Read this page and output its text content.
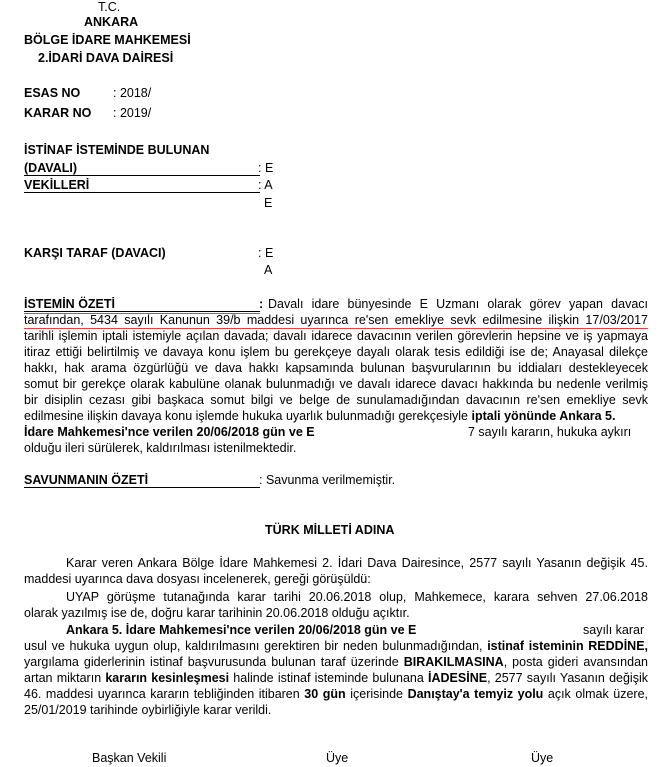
T.C.
ANKARA
BÖLGE İDARE MAHKEMESİ
2.İDARİ DAVA DAİRESİ
ESAS NO	: 2018/
KARAR NO : 2019/
İSTİNAF İSTEMİNDE BULUNAN
(DAVALI)	: E
VEKİLLERİ	: A
E
KARŞI TARAF (DAVACI)	: E
A
İSTEMİN ÖZETİ	: Davalı idare bünyesinde E Uzmanı olarak görev yapan davacı
tarafından, 5434 sayılı Kanunun 39/b maddesi uyarınca re'sen emekliye sevk edilmesine ilişkin 17/03/2017
tarihli işlemin iptali istemiyle açılan davada; davalı idarece davacının verilen görevlerin hepsine ve iş yapmaya
itiraz ettiği belirtilmiş ve davaya konu işlem bu gerekçeye dayalı olarak tesis edildiği ise de; Anayasal dilekçe
hakkı, hak arama özgürlüğü ve dava hakkı kapsamında bulunan başvurularının bu iddiaları destekleyecek
somut bir gerekçe olarak kabulüne olanak bulunmadığı ve davalı idarece davacı hakkında bu nedenle verilmiş
bir disiplin cezası gibi başkaca somut bilgi ve belge de sunulamadığından davacının re'sen emekliye sevk
edilmesine ilişkin davaya konu işlemde hukuka uyarlık bulunmadığı gerekçesiyle iptali yönünde Ankara 5.
İdare Mahkemesi'nce verilen 20/06/2018 gün ve E	7 sayılı kararın, hukuka aykırı
olduğu ileri sürülerek, kaldırılması istenilmektedir.
SAVUNMANIN ÖZETİ	: Savunma verilmemiştir.
TÜRK MİLLETİ ADINA
Karar veren Ankara Bölge İdare Mahkemesi 2. İdari Dava Dairesince, 2577 sayılı Yasanın değişik 45.
maddesi uyarınca dava dosyası incelenerek, gereği görüşüldü:
UYAP görüşme tutanağında karar tarihi 20.06.2018 olup, Mahkemece, karara sehven 27.06.2018
olarak yazılmış ise de, doğru karar tarihinin 20.06.2018 olduğu açıktır.
Ankara 5. İdare Mahkemesi'nce verilen 20/06/2018 gün ve E	sayılı karar
usul ve hukuka uygun olup, kaldırılmasını gerektiren bir neden bulunmadığından, istinaf isteminin REDDİNE,
yargılama giderlerinin istinaf başvurusunda bulunan taraf üzerinde BIRAKILMASINA, posta gideri avansından
artan miktarın kararın kesinleşmesi halinde istinaf isteminde bulunana İADESİNE, 2577 sayılı Yasanın değişik
46. maddesi uyarınca kararın tebliğinden itibaren 30 gün içerisinde Danıştay'a temyiz yolu açık olmak üzere,
25/01/2019 tarihinde oybirliğiyle karar verildi.
Başkan Vekili	Üye	Üye
